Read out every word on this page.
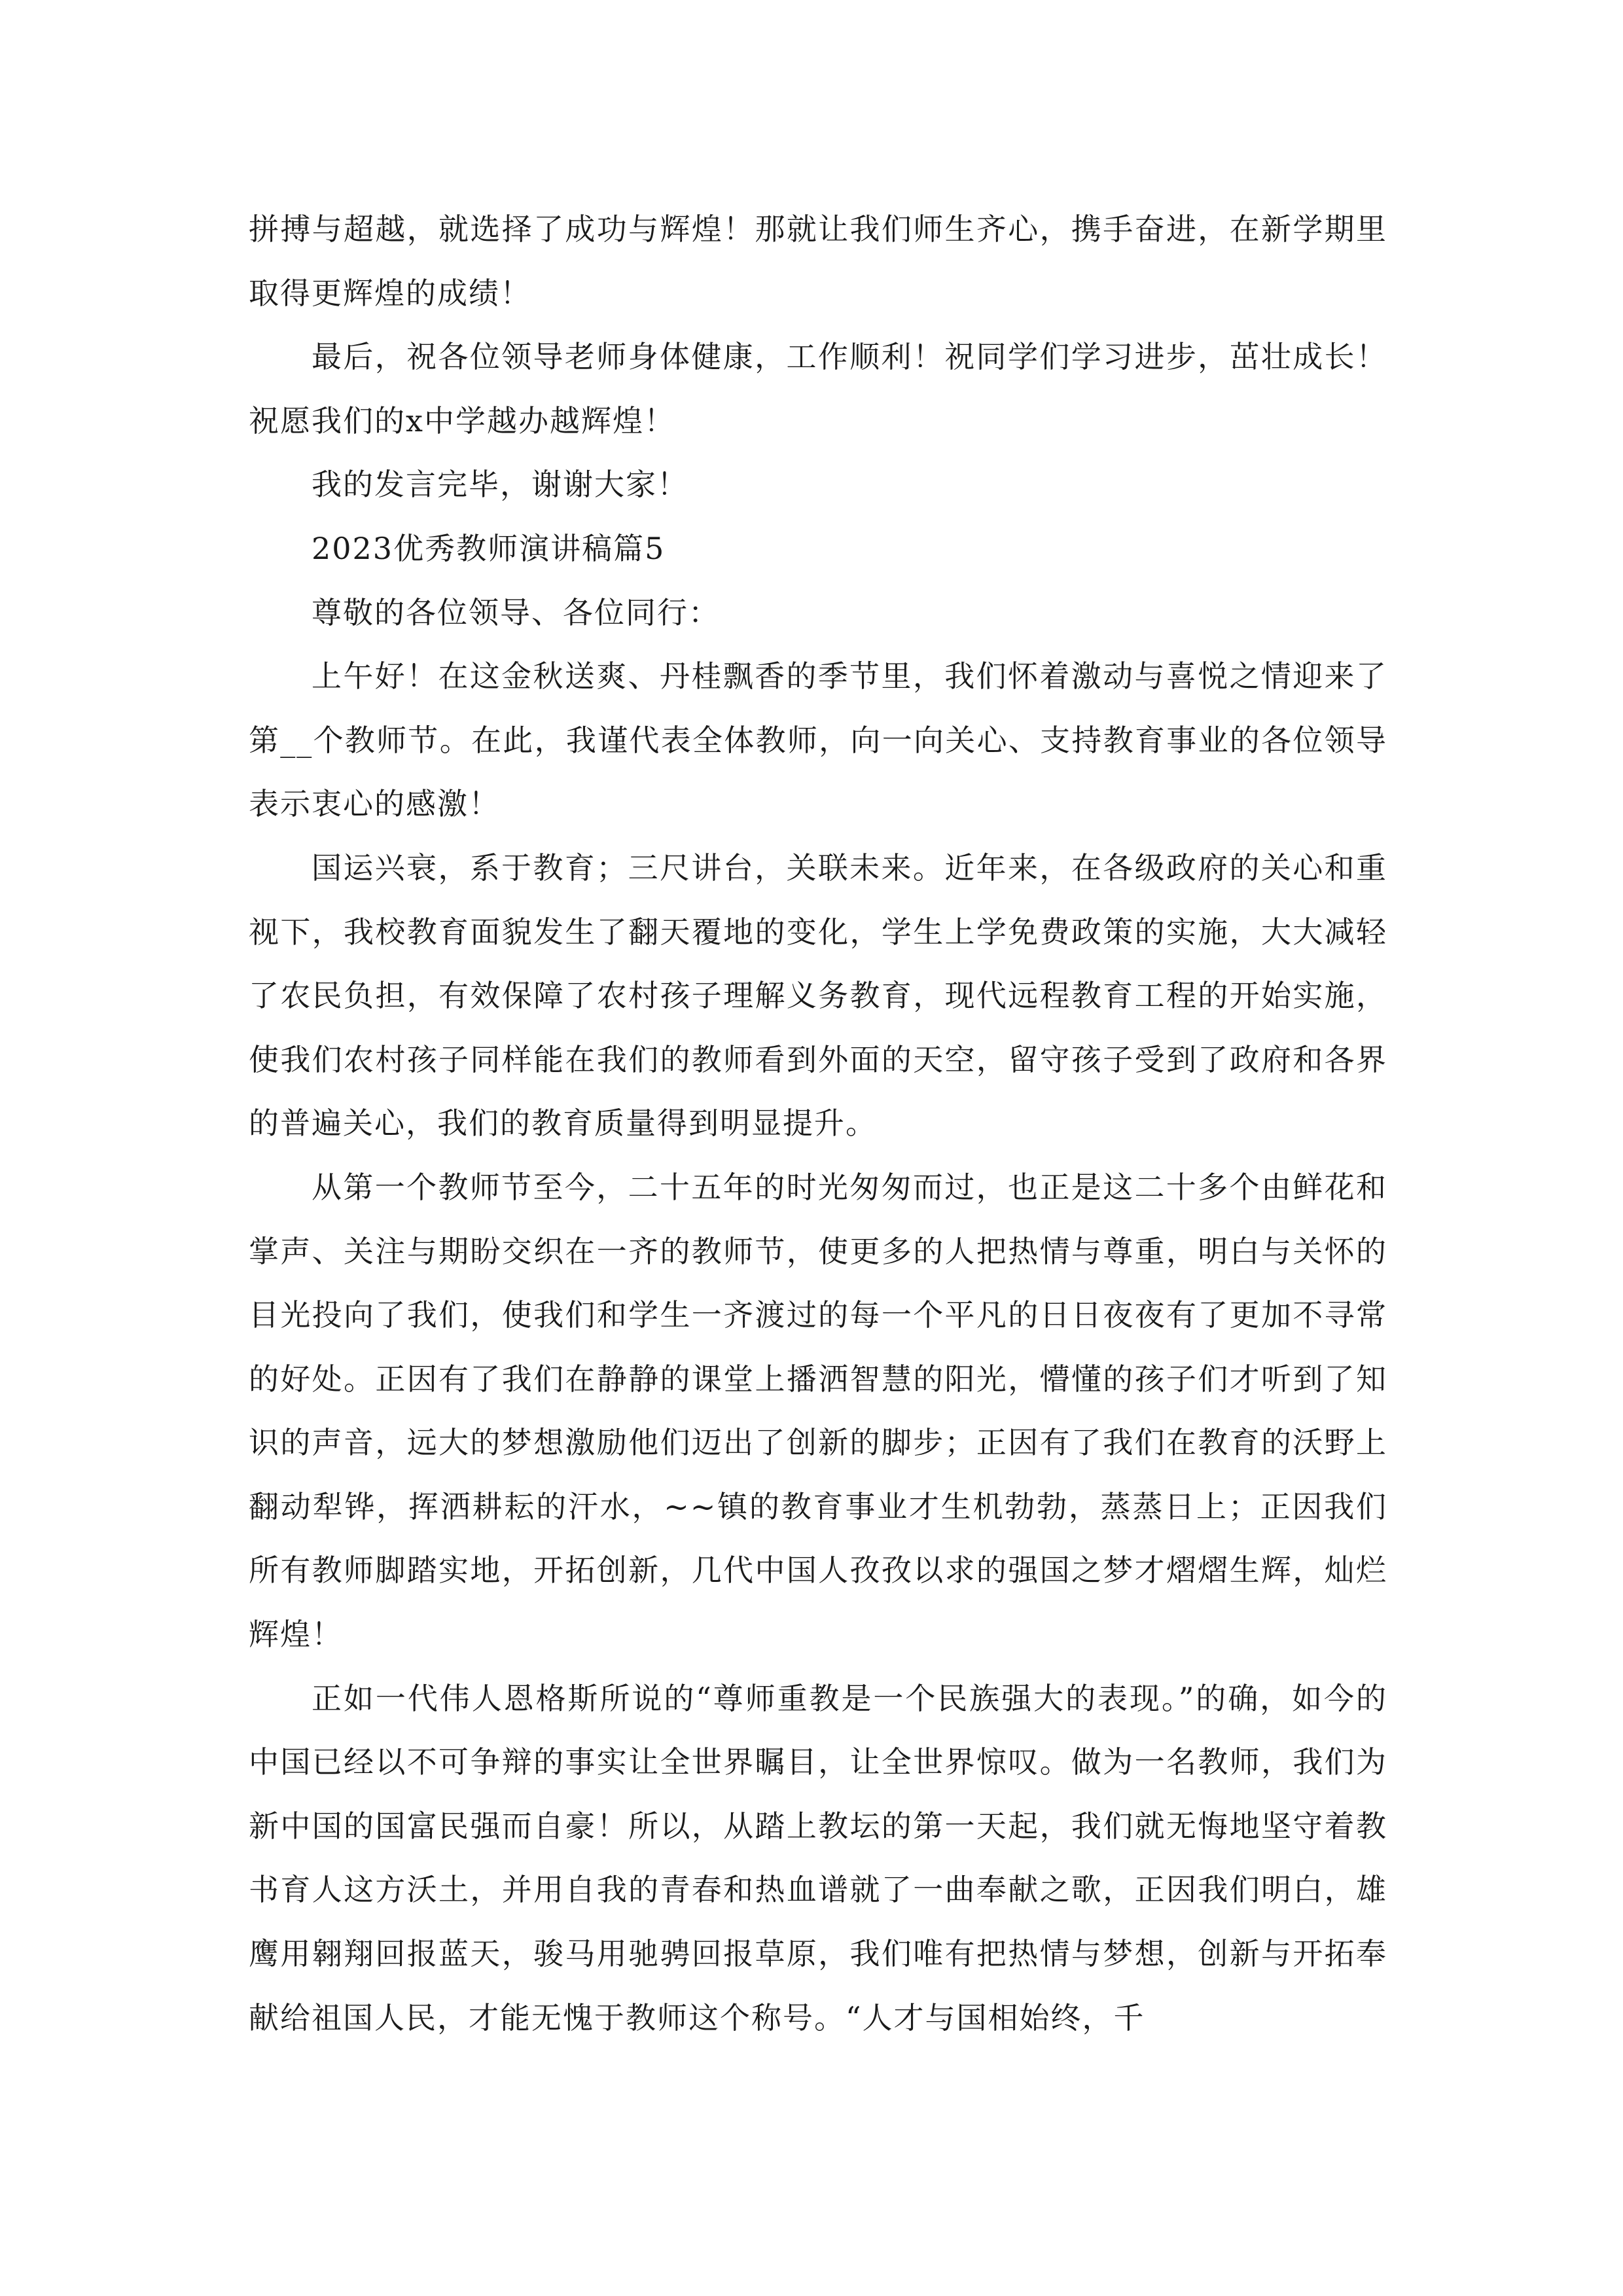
拼搏与超越，就选择了成功与辉煌！那就让我们师生齐心，携手奋进，在新学期里取得更辉煌的成绩！

最后，祝各位领导老师身体健康，工作顺利！祝同学们学习进步，茁壮成长！祝愿我们的x中学越办越辉煌！

我的发言完毕，谢谢大家！

2023优秀教师演讲稿篇5

尊敬的各位领导、各位同行：

上午好！在这金秋送爽、丹桂飘香的季节里，我们怀着激动与喜悦之情迎来了第__个教师节。在此，我谨代表全体教师，向一向关心、支持教育事业的各位领导表示衷心的感激！

国运兴衰，系于教育；三尺讲台，关联未来。近年来，在各级政府的关心和重视下，我校教育面貌发生了翻天覆地的变化，学生上学免费政策的实施，大大减轻了农民负担，有效保障了农村孩子理解义务教育，现代远程教育工程的开始实施，使我们农村孩子同样能在我们的教师看到外面的天空，留守孩子受到了政府和各界的普遍关心，我们的教育质量得到明显提升。

从第一个教师节至今，二十五年的时光匆匆而过，也正是这二十多个由鲜花和掌声、关注与期盼交织在一齐的教师节，使更多的人把热情与尊重，明白与关怀的目光投向了我们，使我们和学生一齐渡过的每一个平凡的日日夜夜有了更加不寻常的好处。正因有了我们在静静的课堂上播洒智慧的阳光，懵懂的孩子们才听到了知识的声音，远大的梦想激励他们迈出了创新的脚步；正因有了我们在教育的沃野上翻动犁铧，挥洒耕耘的汗水，~~镇的教育事业才生机勃勃，蒸蒸日上；正因我们所有教师脚踏实地，开拓创新，几代中国人孜孜以求的强国之梦才熠熠生辉，灿烂辉煌！

正如一代伟人恩格斯所说的“尊师重教是一个民族强大的表现。”的确，如今的中国已经以不可争辩的事实让全世界瞩目，让全世界惊叹。做为一名教师，我们为新中国的国富民强而自豪！所以，从踏上教坛的第一天起，我们就无悔地坚守着教书育人这方沃土，并用自我的青春和热血谱就了一曲奉献之歌，正因我们明白，雄鹰用翱翔回报蓝天，骏马用驰骋回报草原，我们唯有把热情与梦想，创新与开拓奉献给祖国人民，才能无愧于教师这个称号。“人才与国相始终，千
